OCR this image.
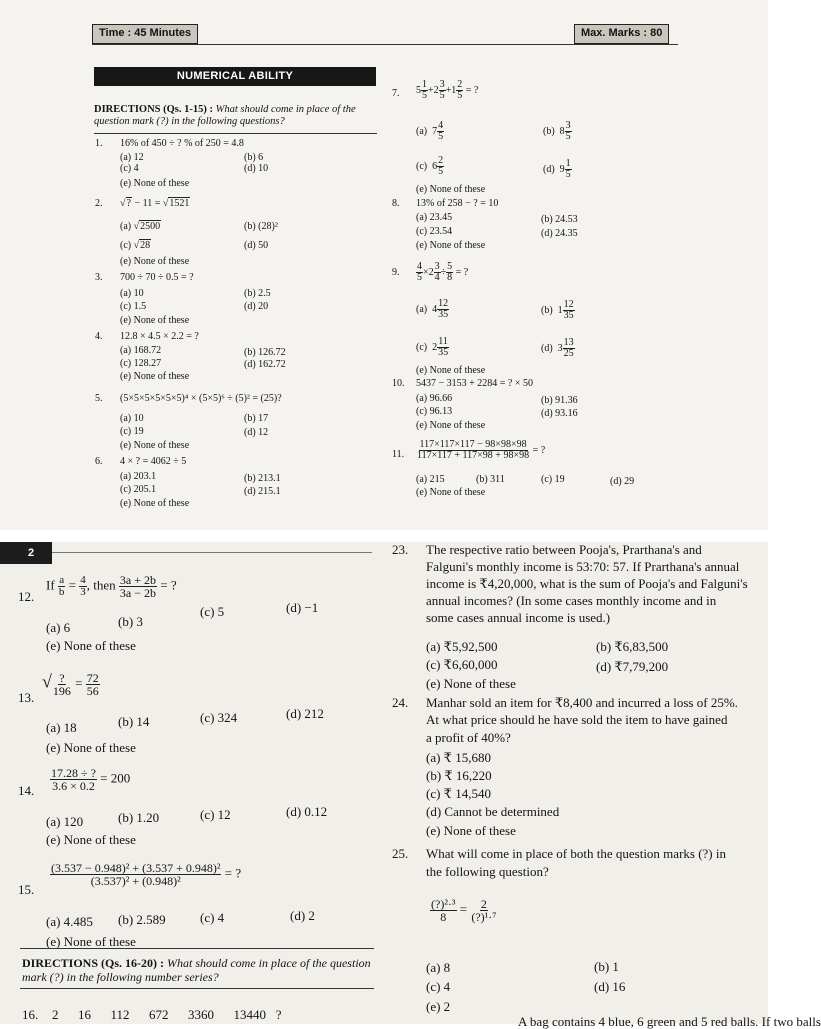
Time : 45 Minutes	Max. Marks : 80
NUMERICAL ABILITY
DIRECTIONS (Qs. 1-15) : What should come in place of the question mark (?) in the following questions?
1. 16% of 450 ÷ ? % of 250 = 4.8
(a) 12	(b) 6
(c) 4	(d) 10
(e) None of these
2. √? − 11 = √1521
(a) √2500	(b) (28)²
(c) √28	(d) 50
(e) None of these
3. 700 ÷ 70 ÷ 0.5 = ?
(a) 10	(b) 2.5
(c) 1.5	(d) 20
(e) None of these
4. 12.8 × 4.5 × 2.2 = ?
(a) 168.72	(b) 126.72
(c) 128.27	(d) 162.72
(e) None of these
5. (5×5×5×5×5×5)⁴ × (5×5)⁶ ÷ (5)² = (25)?
(a) 10	(b) 17
(c) 19	(d) 12
(e) None of these
6. 4 × ? = 4062 ÷ 5
(a) 203.1	(b) 213.1
(c) 205.1	(d) 215.1
(e) None of these
7. $5 \frac{1}{5} +2 \frac{3}{5} +1 \frac{2}{5}$ = ?
(a) $7 \frac{4}{5}$	(b) $8 \frac{3}{5}$
(c) $6 \frac{2}{5}$	(d) $9 \frac{1}{5}$
(e) None of these
8. 13% of 258 − ? = 10
(a) 23.45	(b) 24.53
(c) 23.54	(d) 24.35
(e) None of these
9. $\frac{4}{5} \times 2 \frac{3}{4} \div \frac{5}{8}$ = ?
(a) $4 \frac{12}{35}$	(b) $1 \frac{12}{35}$
(c) $2 \frac{11}{35}$	(d) $3 \frac{13}{25}$
(e) None of these
10. 5437 − 3153 + 2284 = ? × 50
(a) 96.66	(b) 91.36
(c) 96.13	(d) 93.16
(e) None of these
11. $\frac{117\times 117\times 117 - 98\times 98\times 98}{117\times 117 + 117\times 98 + 98\times 98}$ = ?
(a) 215	(b) 311	(c) 19	(d) 29
(e) None of these
2
12.
If $\frac{a}{b} = \frac{4}{3}$ , then $\frac{3a + 2b}{3a - 2b}$ = ?
(a) 6	(b) 3
(c) 5	(d) −1
(e) None of these
13.
√ ?
196
= $\frac{72}{56}$
(a) 18	(b) 14	(c) 324	(d) 212
(e) None of these
14. $\frac{17.28 \div ?}{3.6 \times 0.2} = 200$
(a) 120	(b) 1.20	(c) 12	(d) 0.12
(e) None of these
15.
$\frac{\text{(3.537 − 0.948)² + (3.537 + 0.948)²}}{\text{(3.537)² + (0.948)²}}$ = ?
(a) 4.485 (b) 2.589	(c) 4	(d) 2
(e) None of these
DIRECTIONS (Qs. 16-20) : What should come in place of the question mark (?) in the following number series?
16. 2      16      112      672      3360      13440   ?
23. The respective ratio between Pooja's, Prarthana's and
Falguni's monthly income is 53:70: 57. If Prarthana's annual
income is ₹4,20,000, what is the sum of Pooja's and Falguni's
annual incomes? (In some cases monthly income and in
some cases annual income is used.)
(a) ₹5,92,500	(b) ₹6,83,500
(c) ₹6,60,000	(d) ₹7,79,200
(e) None of these
24. Manhar sold an item for ₹8,400 and incurred a loss of 25%.
At what price should he have sold the item to have gained
a profit of 40%?
(a) ₹ 15,680
(b) ₹ 16,220
(c) ₹ 14,540
(d) Cannot be determined
(e) None of these
25. What will come in place of both the question marks (?) in
the following question?
(?)²·³
8
= 2
(?)¹·⁷
(a) 8	(b) 1
(c) 4	(d) 16
(e) 2
A bag contains 4 blue, 6 green and 5 red balls. If two balls
